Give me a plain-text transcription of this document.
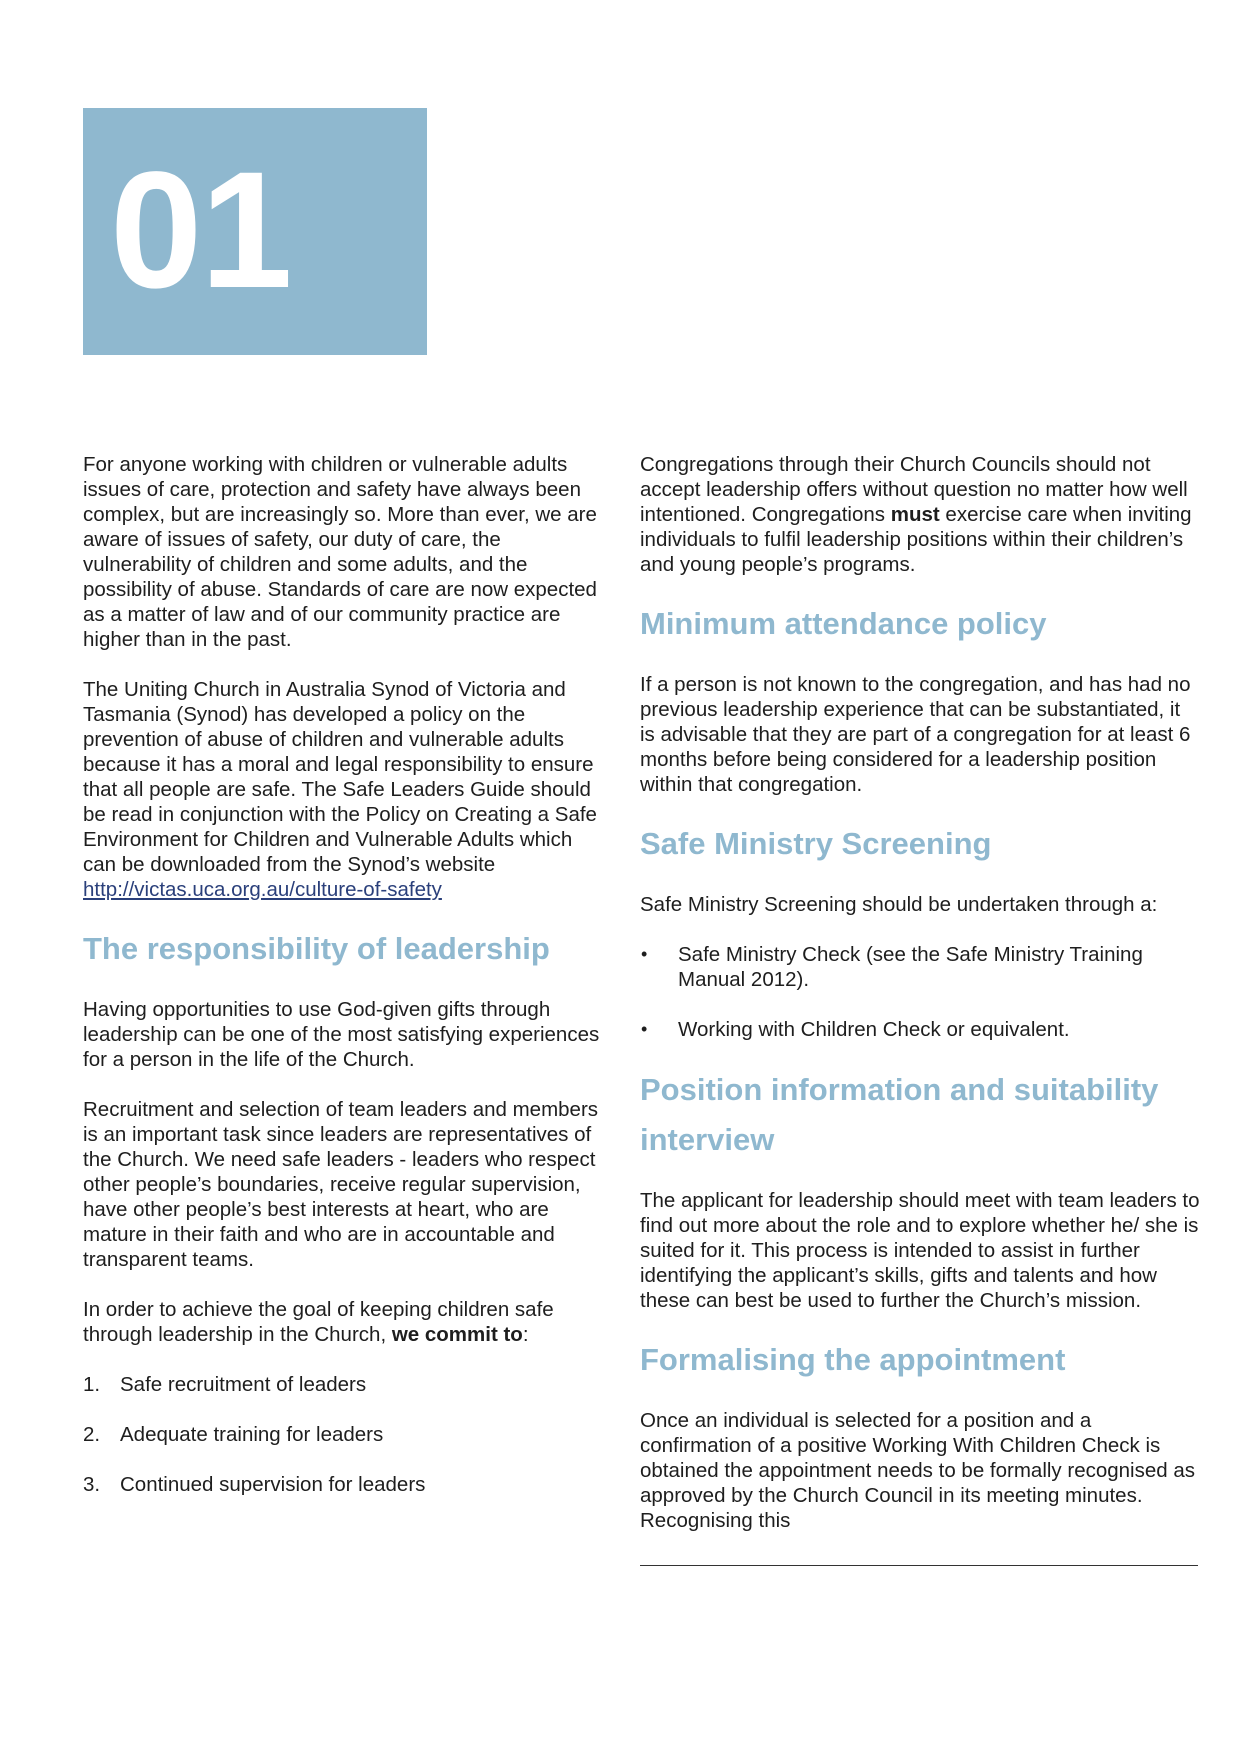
01

For anyone working with children or vulnerable adults issues of care, protection and safety have always been complex, but are increasingly so. More than ever, we are aware of issues of safety, our duty of care, the vulnerability of children and some adults, and the possibility of abuse. Standards of care are now expected as a matter of law and of our community practice are higher than in the past.

The Uniting Church in Australia Synod of Victoria and Tasmania (Synod) has developed a policy on the prevention of abuse of children and vulnerable adults because it has a moral and legal responsibility to ensure that all people are safe. The Safe Leaders Guide should be read in conjunction with the Policy on Creating a Safe Environment for Children and Vulnerable Adults which can be downloaded from the Synod’s website
http://victas.uca.org.au/culture-of-safety

The responsibility of leadership

Having opportunities to use God-given gifts through leadership can be one of the most satisfying experiences for a person in the life of the Church.

Recruitment and selection of team leaders and members is an important task since leaders are representatives of the Church. We need safe leaders - leaders who respect other people’s boundaries, receive regular supervision, have other people’s best interests at heart, who are mature in their faith and who are in accountable and transparent teams.

In order to achieve the goal of keeping children safe through leadership in the Church, we commit to:

1. Safe recruitment of leaders
2. Adequate training for leaders
3. Continued supervision for leaders

Congregations through their Church Councils should not accept leadership offers without question no matter how well intentioned. Congregations must exercise care when inviting individuals to fulfil leadership positions within their children’s and young people’s programs.

Minimum attendance policy

If a person is not known to the congregation, and has had no previous leadership experience that can be substantiated, it is advisable that they are part of a congregation for at least 6 months before being considered for a leadership position within that congregation.

Safe Ministry Screening

Safe Ministry Screening should be undertaken through a:

• Safe Ministry Check (see the Safe Ministry Training Manual 2012).
• Working with Children Check or equivalent.
Position information and suitability interview

The applicant for leadership should meet with team leaders to find out more about the role and to explore whether he/ she is suited for it. This process is intended to assist in further identifying the applicant’s skills, gifts and talents and how these can best be used to further the Church’s mission.

Formalising the appointment

Once an individual is selected for a position and a confirmation of a positive Working With Children Check is obtained the appointment needs to be formally recognised as approved by the Church Council in its meeting minutes. Recognising this
